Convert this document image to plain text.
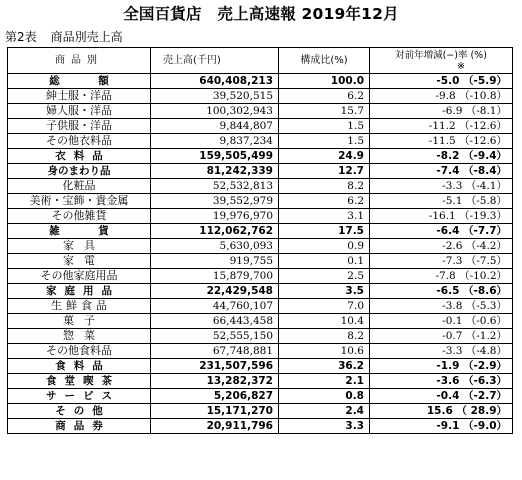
全国百貨店　売上高速報 2019年12月
第2表 商品別売上高
商品別	売上高(千円)	構成比(%)	対前年増減(−)率 (%)
※

総　額	640,408,213	100.0	-5.0 （-5.9）
紳士服・洋品	39,520,515	6.2	-9.8 （-10.8）
婦人服・洋品	100,302,943	15.7	-6.9 （-8.1）
子供服・洋品	9,844,807	1.5	-11.2 （-12.6）
その他衣料品	9,837,234	1.5	-11.5 （-12.6）
衣料品	159,505,499	24.9	-8.2 （-9.4）
身のまわり品	81,242,339	12.7	-7.4 （-8.4）
化粧品	52,532,813	8.2	-3.3 （-4.1）
美術・宝飾・貴金属	39,552,979	6.2	-5.1 （-5.8）
その他雑貨	19,976,970	3.1	-16.1 （-19.3）
雑　貨	112,062,762	17.5	-6.4 （-7.7）
家具	5,630,093	0.9	-2.6 （-4.2）
家電	919,755	0.1	-7.3 （-7.5）
その他家庭用品	15,879,700	2.5	-7.8 （-10.2）
家庭用品	22,429,548	3.5	-6.5 （-8.6）
生鮮食品	44,760,107	7.0	-3.8 （-5.3）
菓子	66,443,458	10.4	-0.1 （-0.6）
惣菜	52,555,150	8.2	-0.7 （-1.2）
その他食料品	67,748,881	10.6	-3.3 （-4.8）
食料品	231,507,596	36.2	-1.9 （-2.9）
食堂喫茶	13,282,372	2.1	-3.6 （-6.3）
サービス	5,206,827	0.8	-0.4 （-2.7）
その他	15,171,270	2.4	15.6 （ 28.9）
商品券	20,911,796	3.3	-9.1 （-9.0）
